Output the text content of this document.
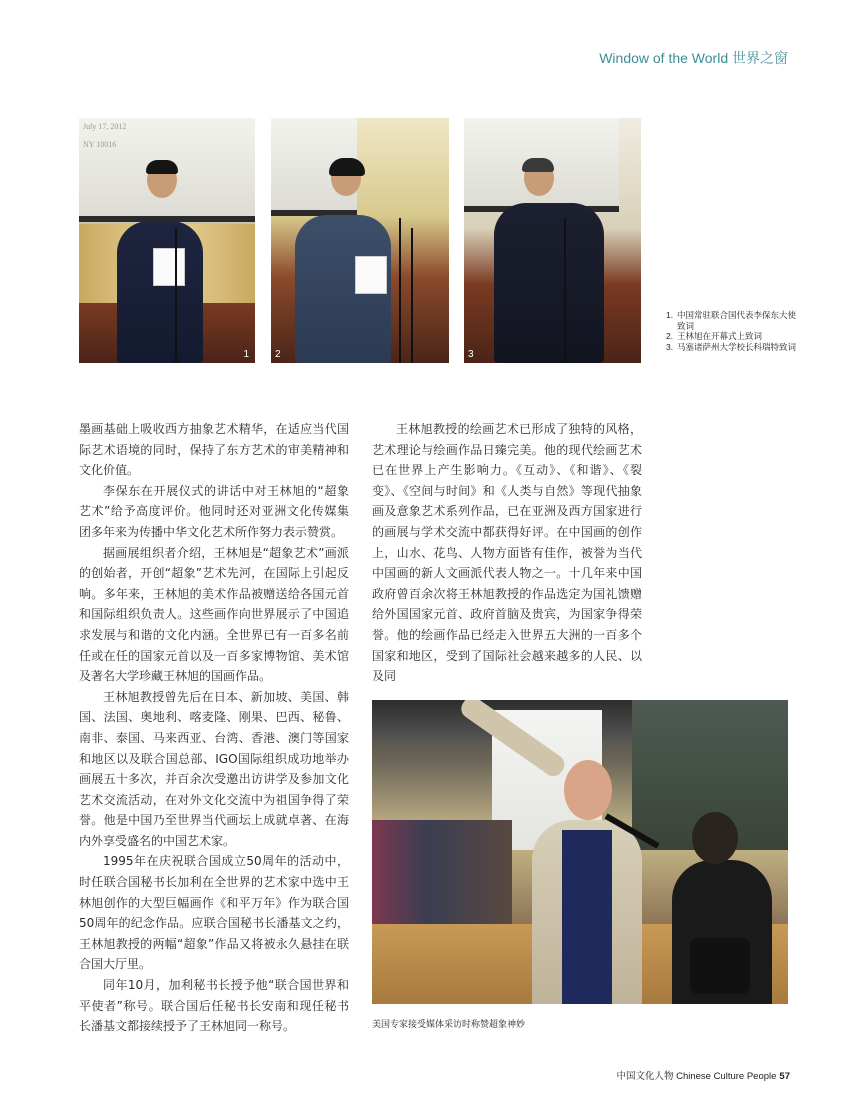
Window of the World 世界之窗
July 17, 2012
NY 10016
1	2	3
1. 中国常驻联合国代表李保东大使致词
2. 王林旭在开幕式上致词
3. 马塞诸萨州大学校长科瑞特致词

墨画基础上吸收西方抽象艺术精华，在适应当代国际艺术语境的同时，保持了东方艺术的审美精神和文化价值。

李保东在开展仪式的讲话中对王林旭的“超象艺术”给予高度评价。他同时还对亚洲文化传媒集团多年来为传播中华文化艺术所作努力表示赞赏。

据画展组织者介绍，王林旭是“超象艺术”画派的创始者，开创“超象”艺术先河，在国际上引起反响。多年来，王林旭的美术作品被赠送给各国元首和国际组织负责人。这些画作向世界展示了中国追求发展与和谐的文化内涵。全世界已有一百多名前任或在任的国家元首以及一百多家博物馆、美术馆及著名大学珍藏王林旭的国画作品。

王林旭教授曾先后在日本、新加坡、美国、韩国、法国、奥地利、喀麦隆、刚果、巴西、秘鲁、南非、泰国、马来西亚、台湾、香港、澳门等国家和地区以及联合国总部、IGO国际组织成功地举办画展五十多次，并百余次受邀出访讲学及参加文化艺术交流活动，在对外文化交流中为祖国争得了荣誉。他是中国乃至世界当代画坛上成就卓著、在海内外享受盛名的中国艺术家。

1995年在庆祝联合国成立50周年的活动中，时任联合国秘书长加利在全世界的艺术家中选中王林旭创作的大型巨幅画作《和平万年》作为联合国50周年的纪念作品。应联合国秘书长潘基文之约，王林旭教授的两幅“超象”作品又将被永久悬挂在联合国大厅里。

同年10月，加利秘书长授予他“联合国世界和平使者”称号。联合国后任秘书长安南和现任秘书长潘基文都接续授予了王林旭同一称号。

王林旭教授的绘画艺术已形成了独特的风格，艺术理论与绘画作品日臻完美。他的现代绘画艺术已在世界上产生影响力。《互动》、《和谐》、《裂变》、《空间与时间》和《人类与自然》等现代抽象画及意象艺术系列作品，已在亚洲及西方国家进行的画展与学术交流中都获得好评。在中国画的创作上，山水、花鸟、人物方面皆有佳作，被誉为当代中国画的新人文画派代表人物之一。十几年来中国政府曾百余次将王林旭教授的作品选定为国礼馈赠给外国国家元首、政府首脑及贵宾，为国家争得荣誉。他的绘画作品已经走入世界五大洲的一百多个国家和地区，受到了国际社会越来越多的人民、以及同

美国专家接受媒体采访时称赞超象神妙
中国文化人物 Chinese Culture People 57
